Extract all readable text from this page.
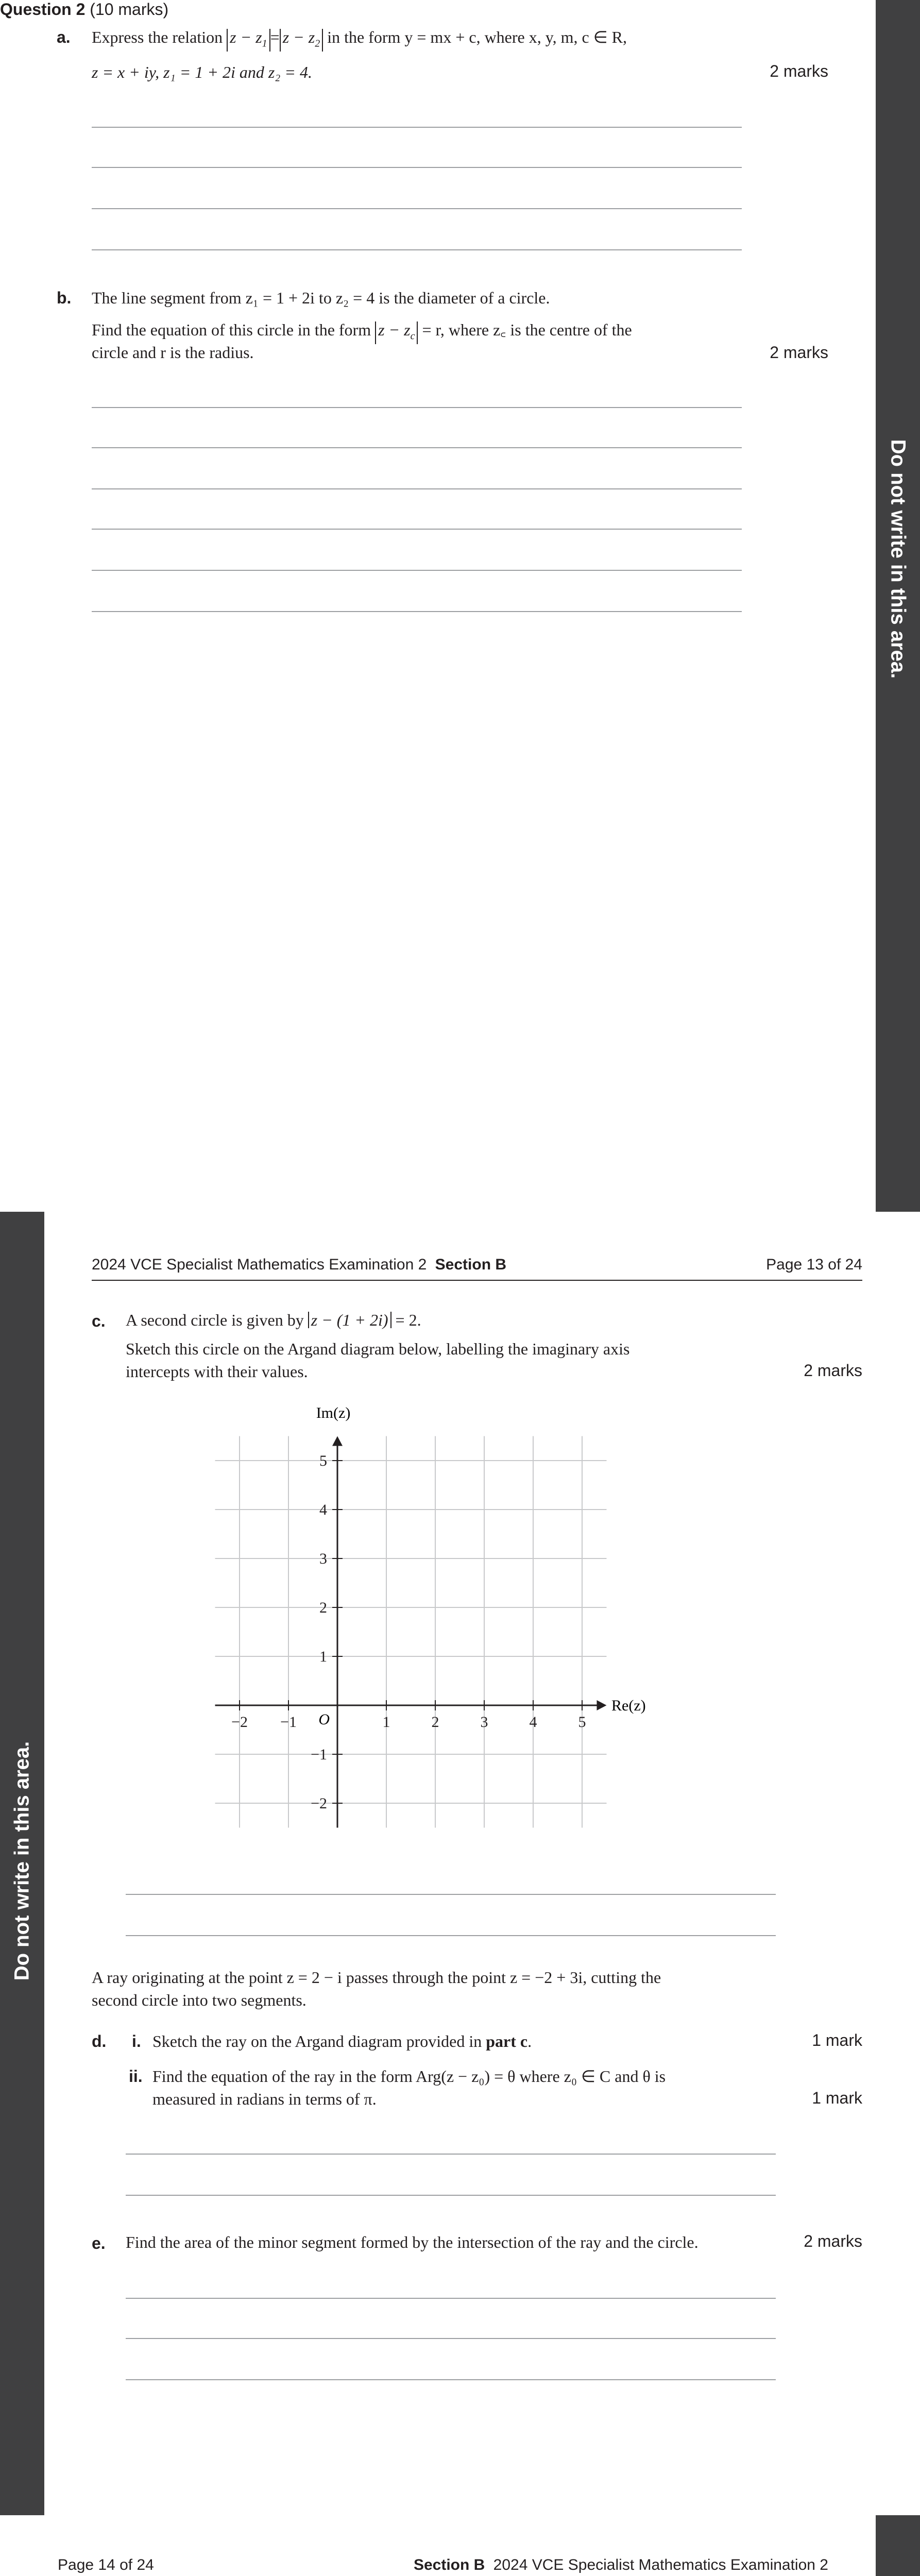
Do not write in this area.
Do not write in this area.
Question 2 (10 marks)
a. Express the relation $z - z_1 = z - z_2$ in the form y = mx + c, where x, y, m, c ∈ R,
z = x + iy, z₁ = 1 + 2i and z₂ = 4.	2 marks
b. The line segment from z₁ = 1 + 2i to z₂ = 4 is the diameter of a circle.
Find the equation of this circle in the form $z - z_c = r$, where z꜀ is the centre of the
circle and r is the radius.	2 marks
2024 VCE Specialist Mathematics Examination 2 Section B	Page 13 of 24
c. A second circle is given by z − (1 + 2i) = 2.
Sketch this circle on the Argand diagram below, labelling the imaginary axis
intercepts with their values.	2 marks
−2 −1	1	2	3	4	5
5
4
3
2
1
−1
−2
Im(z)
Re(z)
O
A ray originating at the point z = 2 − i passes through the point z = −2 + 3i, cutting the
second circle into two segments.
d. i. Sketch the ray on the Argand diagram provided in part c.	1 mark
ii. Find the equation of the ray in the form Arg(z − z₀) = θ where z₀ ∈ C and θ is
measured in radians in terms of π.	1 mark
e. Find the area of the minor segment formed by the intersection of the ray and the circle.	2 marks
Page 14 of 24	Section B 2024 VCE Specialist Mathematics Examination 2
